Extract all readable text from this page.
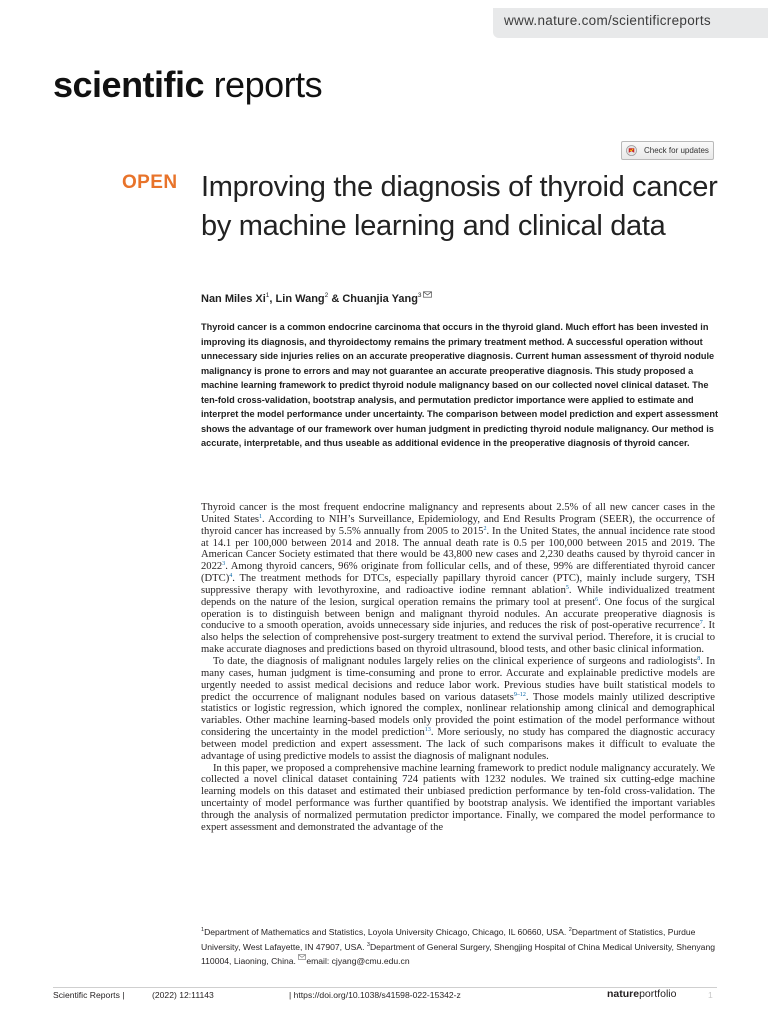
www.nature.com/scientificreports
scientific reports
Check for updates
OPEN Improving the diagnosis of thyroid cancer by machine learning and clinical data
Nan Miles Xi$^1$, Lin Wang$^2$ & Chuanjia Yang$^3$

Thyroid cancer is a common endocrine carcinoma that occurs in the thyroid gland. Much effort has been invested in improving its diagnosis, and thyroidectomy remains the primary treatment method. A successful operation without unnecessary side injuries relies on an accurate preoperative diagnosis. Current human assessment of thyroid nodule malignancy is prone to errors and may not guarantee an accurate preoperative diagnosis. This study proposed a machine learning framework to predict thyroid nodule malignancy based on our collected novel clinical dataset. The ten-fold cross-validation, bootstrap analysis, and permutation predictor importance were applied to estimate and interpret the model performance under uncertainty. The comparison between model prediction and expert assessment shows the advantage of our framework over human judgment in predicting thyroid nodule malignancy. Our method is accurate, interpretable, and thus useable as additional evidence in the preoperative diagnosis of thyroid cancer.

Thyroid cancer is the most frequent endocrine malignancy and represents about 2.5% of all new cancer cases in the United States$^1$. According to NIH’s Surveillance, Epidemiology, and End Results Program (SEER), the occurrence of thyroid cancer has increased by 5.5% annually from 2005 to 2015$^2$. In the United States, the annual incidence rate stood at 14.1 per 100,000 between 2014 and 2018. The annual death rate is 0.5 per 100,000 between 2015 and 2019. The American Cancer Society estimated that there would be 43,800 new cases and 2,230 deaths caused by thyroid cancer in 2022$^3$. Among thyroid cancers, 96% originate from follicular cells, and of these, 99% are differentiated thyroid cancer (DTC)$^4$. The treatment methods for DTCs, especially papillary thyroid cancer (PTC), mainly include surgery, TSH suppressive therapy with levothyroxine, and radioactive iodine remnant ablation$^5$. While individualized treatment depends on the nature of the lesion, surgical operation remains the primary tool at present$^6$. One focus of the surgical operation is to distinguish between benign and malignant thyroid nodules. An accurate preoperative diagnosis is conducive to a smooth operation, avoids unnecessary side injuries, and reduces the risk of post-operative recurrence$^7$. It also helps the selection of comprehensive post-surgery treatment to extend the survival period. Therefore, it is crucial to make accurate diagnoses and predictions based on thyroid ultrasound, blood tests, and other basic clinical information.

To date, the diagnosis of malignant nodules largely relies on the clinical experience of surgeons and radiologists$^8$. In many cases, human judgment is time-consuming and prone to error. Accurate and explainable predictive models are urgently needed to assist medical decisions and reduce labor work. Previous studies have built statistical models to predict the occurrence of malignant nodules based on various datasets$^{9-12}$. Those models mainly utilized descriptive statistics or logistic regression, which ignored the complex, nonlinear relationship among clinical and demographical variables. Other machine learning-based models only provided the point estimation of the model performance without considering the uncertainty in the model prediction$^{13}$. More seriously, no study has compared the diagnostic accuracy between model prediction and expert assessment. The lack of such comparisons makes it difficult to evaluate the advantage of using predictive models to assist the diagnosis of malignant nodules.

In this paper, we proposed a comprehensive machine learning framework to predict nodule malignancy accurately. We collected a novel clinical dataset containing 724 patients with 1232 nodules. We trained six cutting-edge machine learning models on this dataset and estimated their unbiased prediction performance by ten-fold cross-validation. The uncertainty of model performance was further quantified by bootstrap analysis. We identified the important variables through the analysis of normalized permutation predictor importance. Finally, we compared the model performance to expert assessment and demonstrated the advantage of the

$^1$Department of Mathematics and Statistics, Loyola University Chicago, Chicago, IL 60660, USA. $^2$Department of Statistics, Purdue University, West Lafayette, IN 47907, USA. $^3$Department of General Surgery, Shengjing Hospital of China Medical University, Shenyang 110004, Liaoning, China. email: cjyang@cmu.edu.cn

Scientific Reports |	(2022) 12:11143	| https://doi.org/10.1038/s41598-022-15342-z	natureportfolio	1
